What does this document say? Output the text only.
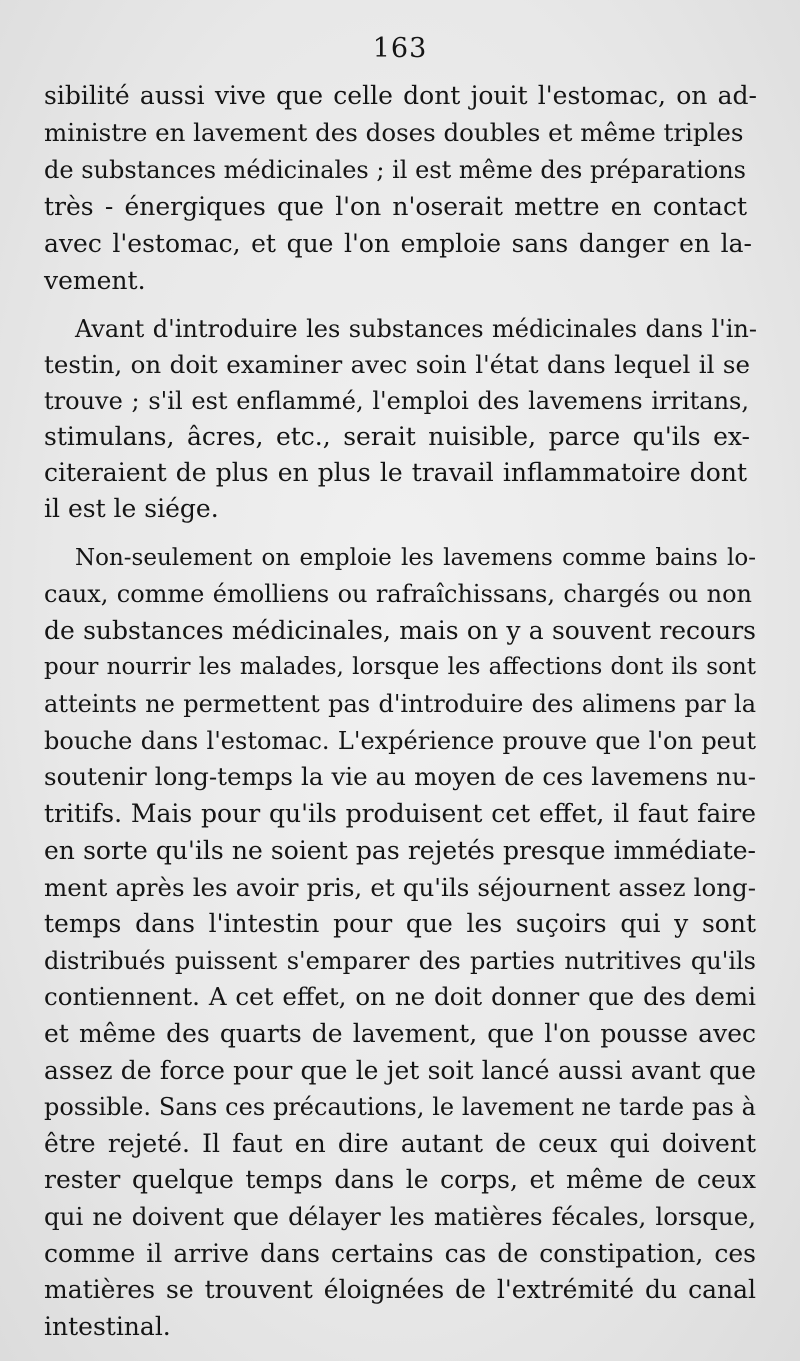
163
sibilité aussi vive que celle dont jouit l'estomac, on ad-
ministre en lavement des doses doubles et même triples
de substances médicinales ; il est même des préparations
très - énergiques que l'on n'oserait mettre en contact
avec l'estomac, et que l'on emploie sans danger en la-
vement.
Avant d'introduire les substances médicinales dans l'in-
testin, on doit examiner avec soin l'état dans lequel il se
trouve ; s'il est enflammé, l'emploi des lavemens irritans,
stimulans, âcres, etc., serait nuisible, parce qu'ils ex-
citeraient de plus en plus le travail inflammatoire dont
il est le siége.
Non-seulement on emploie les lavemens comme bains lo-
caux, comme émolliens ou rafraîchissans, chargés ou non
de substances médicinales, mais on y a souvent recours
pour nourrir les malades, lorsque les affections dont ils sont
atteints ne permettent pas d'introduire des alimens par la
bouche dans l'estomac. L'expérience prouve que l'on peut
soutenir long-temps la vie au moyen de ces lavemens nu-
tritifs. Mais pour qu'ils produisent cet effet, il faut faire
en sorte qu'ils ne soient pas rejetés presque immédiate-
ment après les avoir pris, et qu'ils séjournent assez long-
temps dans l'intestin pour que les suçoirs qui y sont
distribués puissent s'emparer des parties nutritives qu'ils
contiennent. A cet effet, on ne doit donner que des demi
et même des quarts de lavement, que l'on pousse avec
assez de force pour que le jet soit lancé aussi avant que
possible. Sans ces précautions, le lavement ne tarde pas à
être rejeté. Il faut en dire autant de ceux qui doivent
rester quelque temps dans le corps, et même de ceux
qui ne doivent que délayer les matières fécales, lorsque,
comme il arrive dans certains cas de constipation, ces
matières se trouvent éloignées de l'extrémité du canal
intestinal.
